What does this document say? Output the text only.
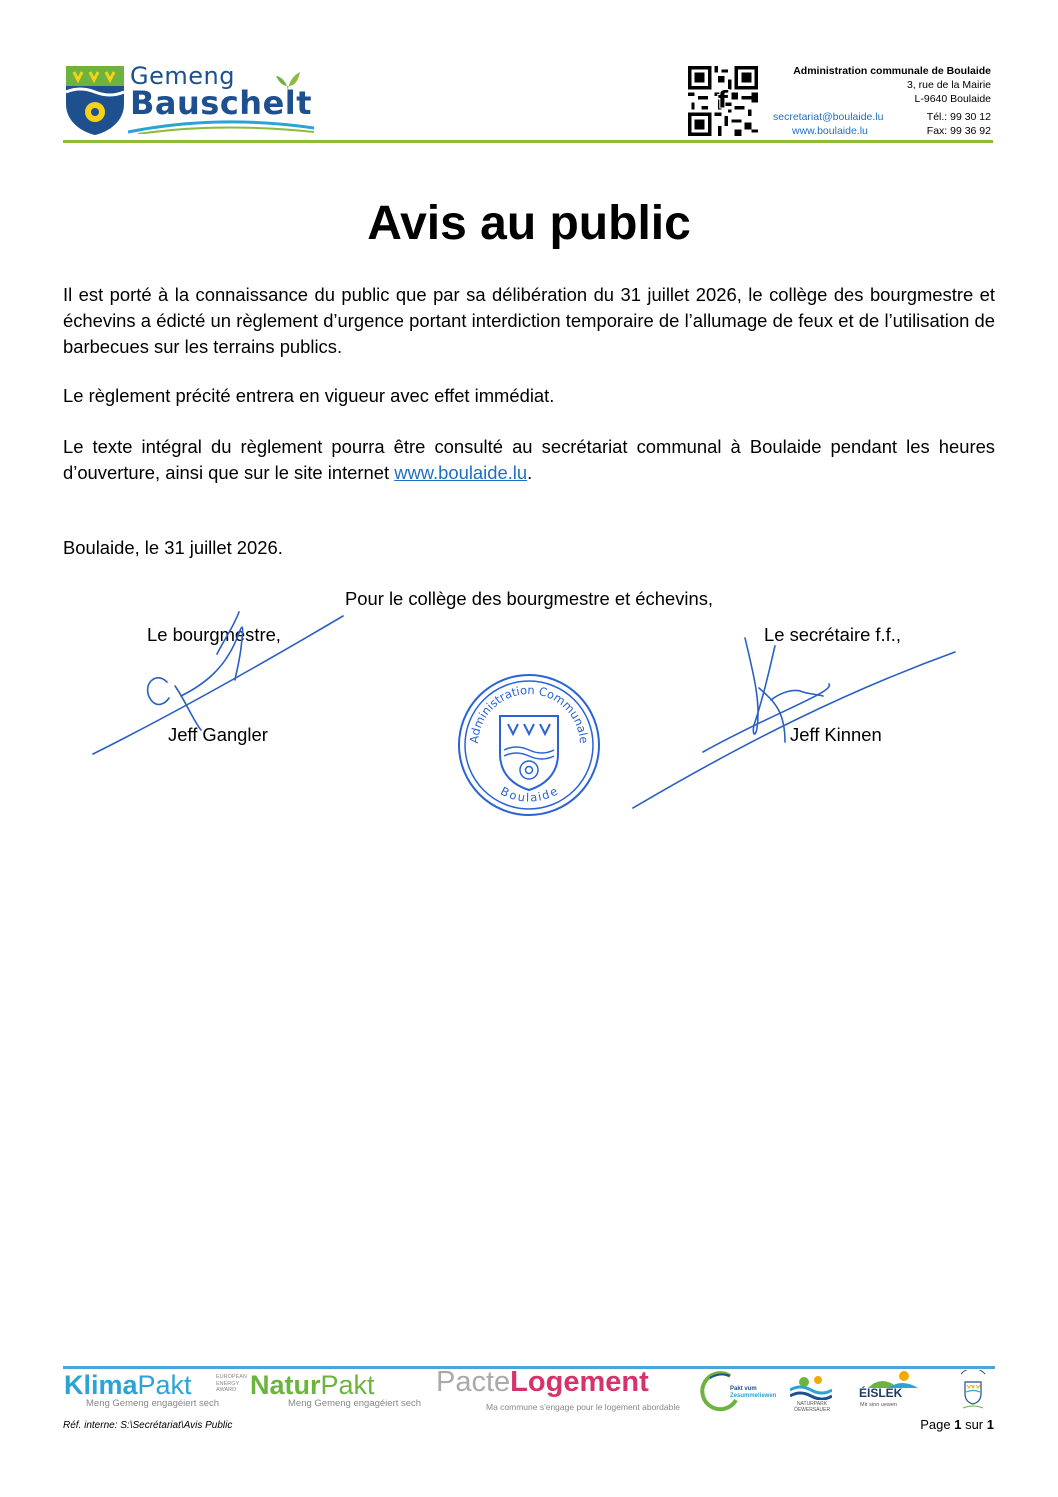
Gemeng
Bauschelt	f
Administration communale de Boulaide
3, rue de la Mairie
L-9640 Boulaide
secretariat@boulaide.lu
www.boulaide.lu
Tél.: 99 30 12
Fax: 99 36 92
Avis au public
Il est porté à la connaissance du public que par sa délibération du 31 juillet 2026, le collège des bourgmestre et échevins a édicté un règlement d’urgence portant interdiction temporaire de l’allumage de feux et de l’utilisation de barbecues sur les terrains publics.
Le règlement précité entrera en vigueur avec effet immédiat.
Le texte intégral du règlement pourra être consulté au secrétariat communal à Boulaide pendant les heures d’ouverture, ainsi que sur le site internet www.boulaide.lu.
Boulaide, le 31 juillet 2026.
Pour le collège des bourgmestre et échevins,
Le bourgmestre,	Le secrétaire f.f.,
Jeff Gangler	Administration Communale
Boulaide
Jeff Kinnen
KlimaPakt	EUROPEAN ENERGY AWARD
Meng Gemeng engagéiert sech
NaturPakt
Meng Gemeng engagéiert sech
PacteLogement
Ma commune s'engage pour le logement abordable
Pakt vum
Zesummeliewen
NATURPARK ÖEWERSAUER
ÉISLEK
Mir sinn uewen
Réf. interne: S:\Secrétariat\Avis Public	Page 1 sur 1
